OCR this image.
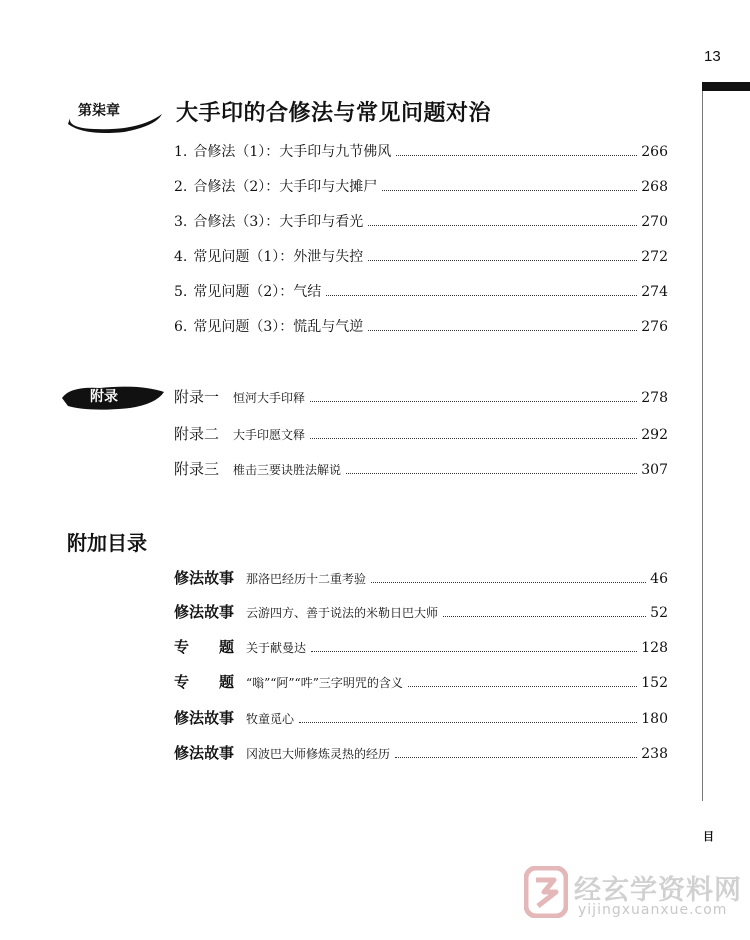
13
目
第柒章	大手印的合修法与常见问题对治
1. 合修法（1）：大手印与九节佛风	266
2. 合修法（2）：大手印与大摊尸	268
3. 合修法（3）：大手印与看光	270
4. 常见问题（1）：外泄与失控	272
5. 常见问题（2）：气结	274
6. 常见问题（3）：慌乱与气逆	276
附录	附录一	恒河大手印释	278
附录二	大手印愿文释	292
附录三	椎击三要诀胜法解说	307
附加目录
修法故事	那洛巴经历十二重考验	46
修法故事	云游四方、善于说法的米勒日巴大师	52
专　　题	关于献曼达	128
专　　题	“嗡”“阿”“吽”三字明咒的含义	152
修法故事	牧童觅心	180
修法故事	冈波巴大师修炼灵热的经历	238
经玄学资料网
yijingxuanxue.com
